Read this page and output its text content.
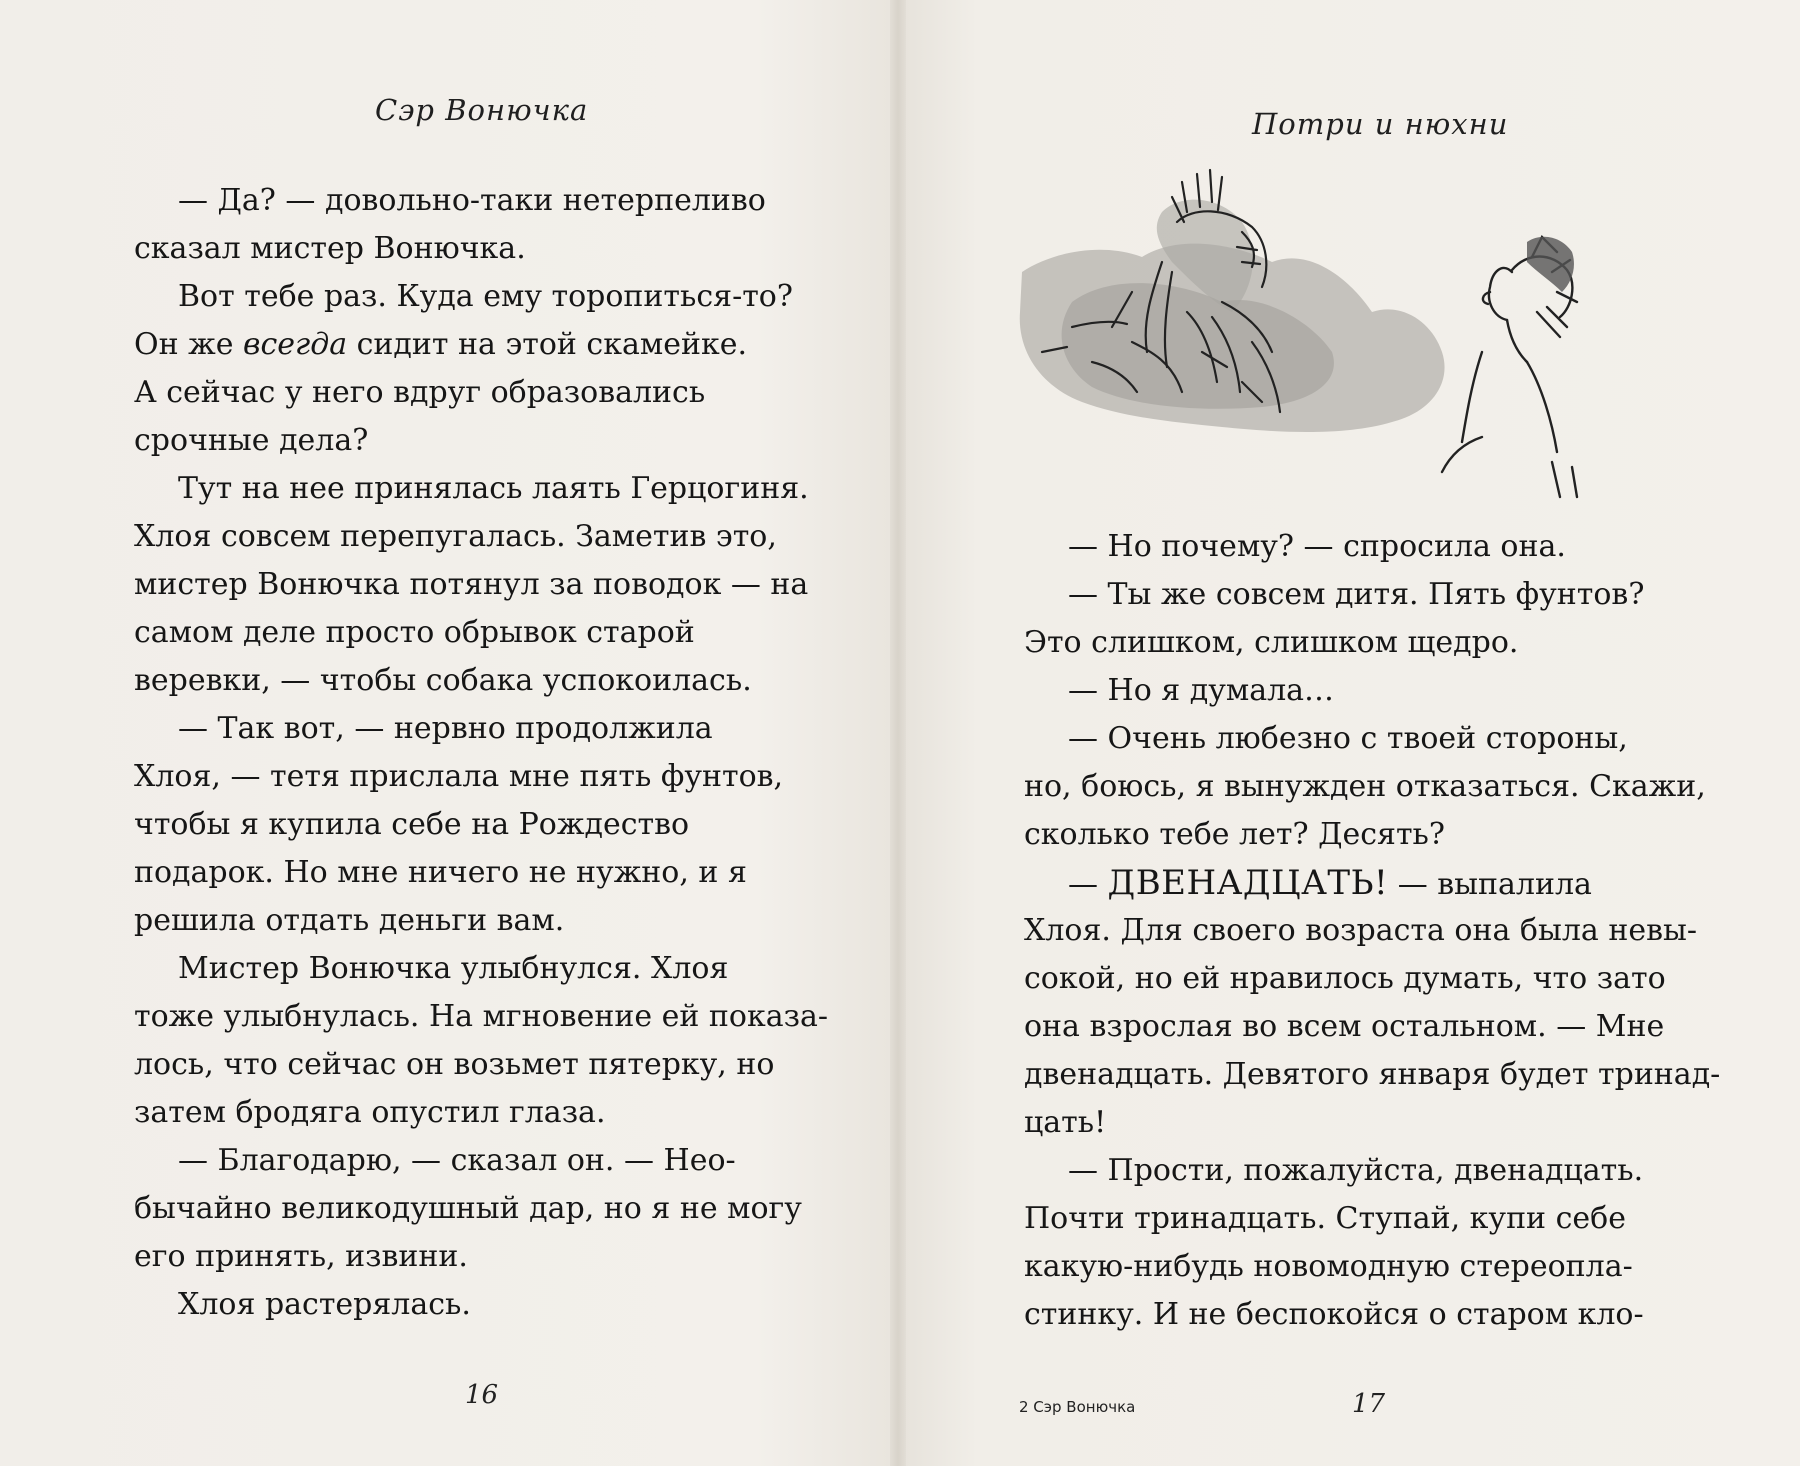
Сэр Вонючка
— Да? — довольно-таки нетерпеливо
сказал мистер Вонючка.
Вот тебе раз. Куда ему торопиться-то?
Он же всегда сидит на этой скамейке.
А сейчас у него вдруг образовались
срочные дела?
Тут на нее принялась лаять Герцогиня.
Хлоя совсем перепугалась. Заметив это,
мистер Вонючка потянул за поводок — на
самом деле просто обрывок старой
веревки, — чтобы собака успокоилась.
— Так вот, — нервно продолжила
Хлоя, — тетя прислала мне пять фунтов,
чтобы я купила себе на Рождество
подарок. Но мне ничего не нужно, и я
решила отдать деньги вам.
Мистер Вонючка улыбнулся. Хлоя
тоже улыбнулась. На мгновение ей показа-
лось, что сейчас он возьмет пятерку, но
затем бродяга опустил глаза.
— Благодарю, — сказал он. — Нео-
бычайно великодушный дар, но я не могу
его принять, извини.
Хлоя растерялась.
16
Потри и нюхни
— Но почему? — спросила она.
— Ты же совсем дитя. Пять фунтов?
Это слишком, слишком щедро.
— Но я думала…
— Очень любезно с твоей стороны,
но, боюсь, я вынужден отказаться. Скажи,
сколько тебе лет? Десять?
— ДВЕНАДЦАТЬ! — выпалила
Хлоя. Для своего возраста она была невы-
сокой, но ей нравилось думать, что зато
она взрослая во всем остальном. — Мне
двенадцать. Девятого января будет тринад-
цать!
— Прости, пожалуйста, двенадцать.
Почти тринадцать. Ступай, купи себе
какую-нибудь новомодную стереопла-
стинку. И не беспокойся о старом кло-
2 Сэр Вонючка	17
